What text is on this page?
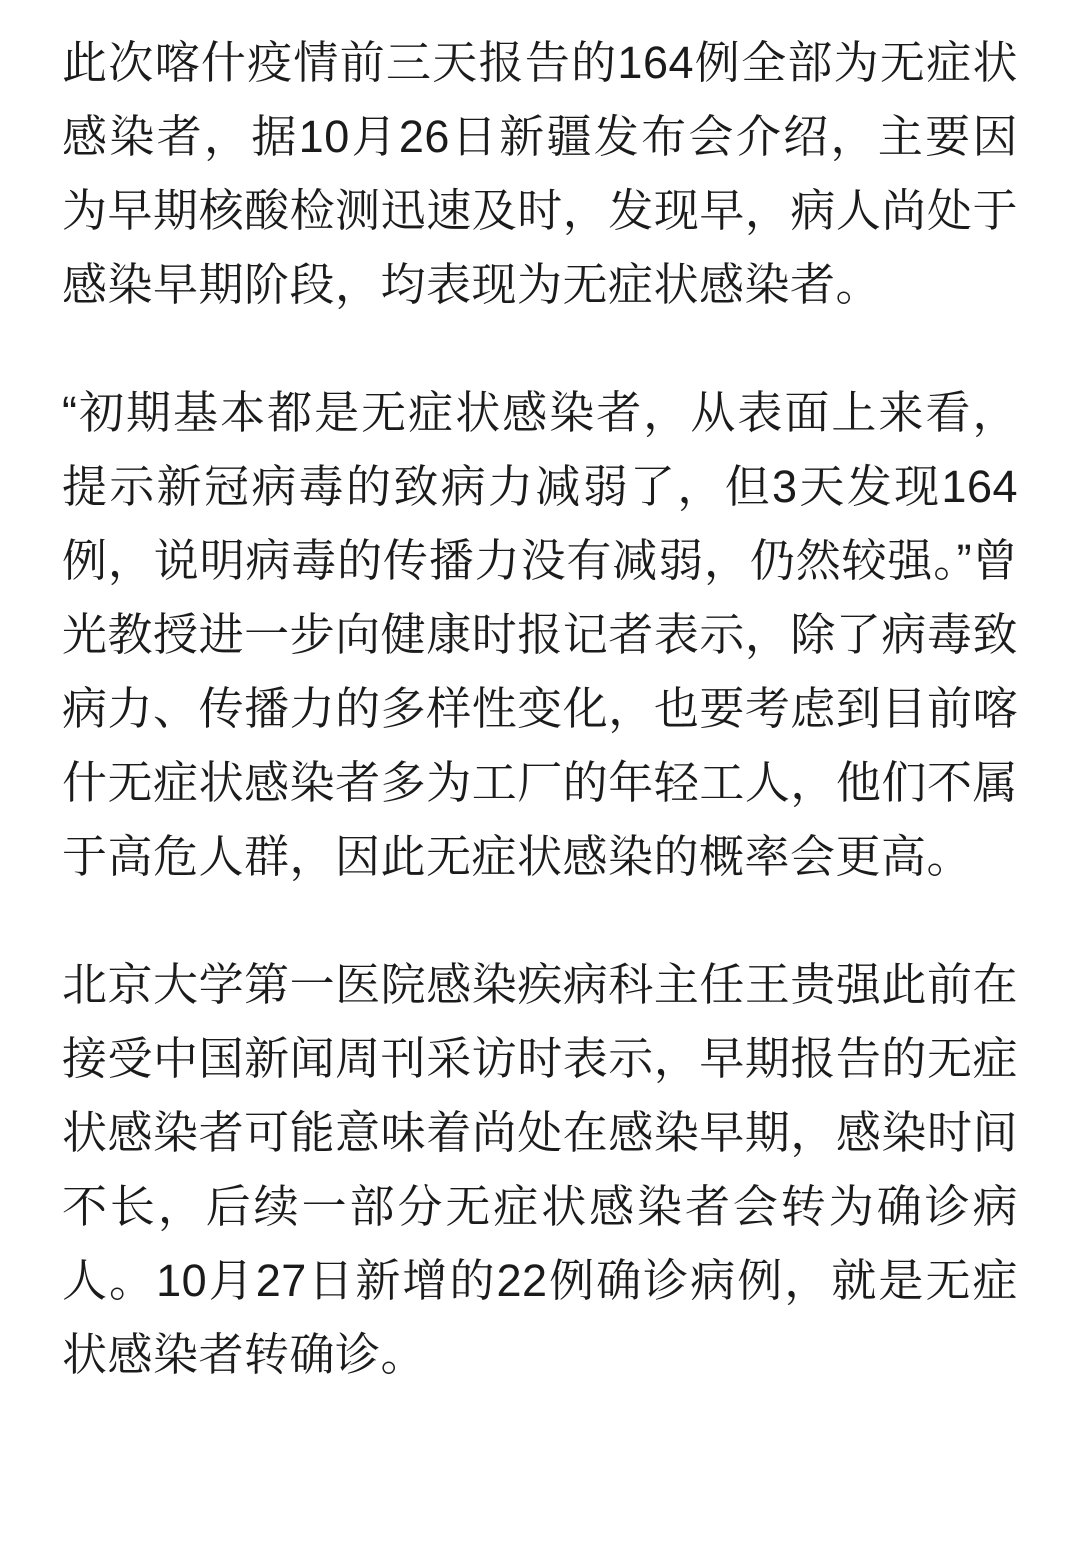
此次喀什疫情前三天报告的164例全部为无症状感染者，据10月26日新疆发布会介绍，主要因为早期核酸检测迅速及时，发现早，病人尚处于感染早期阶段，均表现为无症状感染者。

“初期基本都是无症状感染者，从表面上来看，提示新冠病毒的致病力减弱了，但3天发现164例，说明病毒的传播力没有减弱，仍然较强。”曾光教授进一步向健康时报记者表示，除了病毒致病力、传播力的多样性变化，也要考虑到目前喀什无症状感染者多为工厂的年轻工人，他们不属于高危人群，因此无症状感染的概率会更高。

北京大学第一医院感染疾病科主任王贵强此前在接受中国新闻周刊采访时表示，早期报告的无症状感染者可能意味着尚处在感染早期，感染时间不长，后续一部分无症状感染者会转为确诊病人。10月27日新增的22例确诊病例，就是无症状感染者转确诊。
